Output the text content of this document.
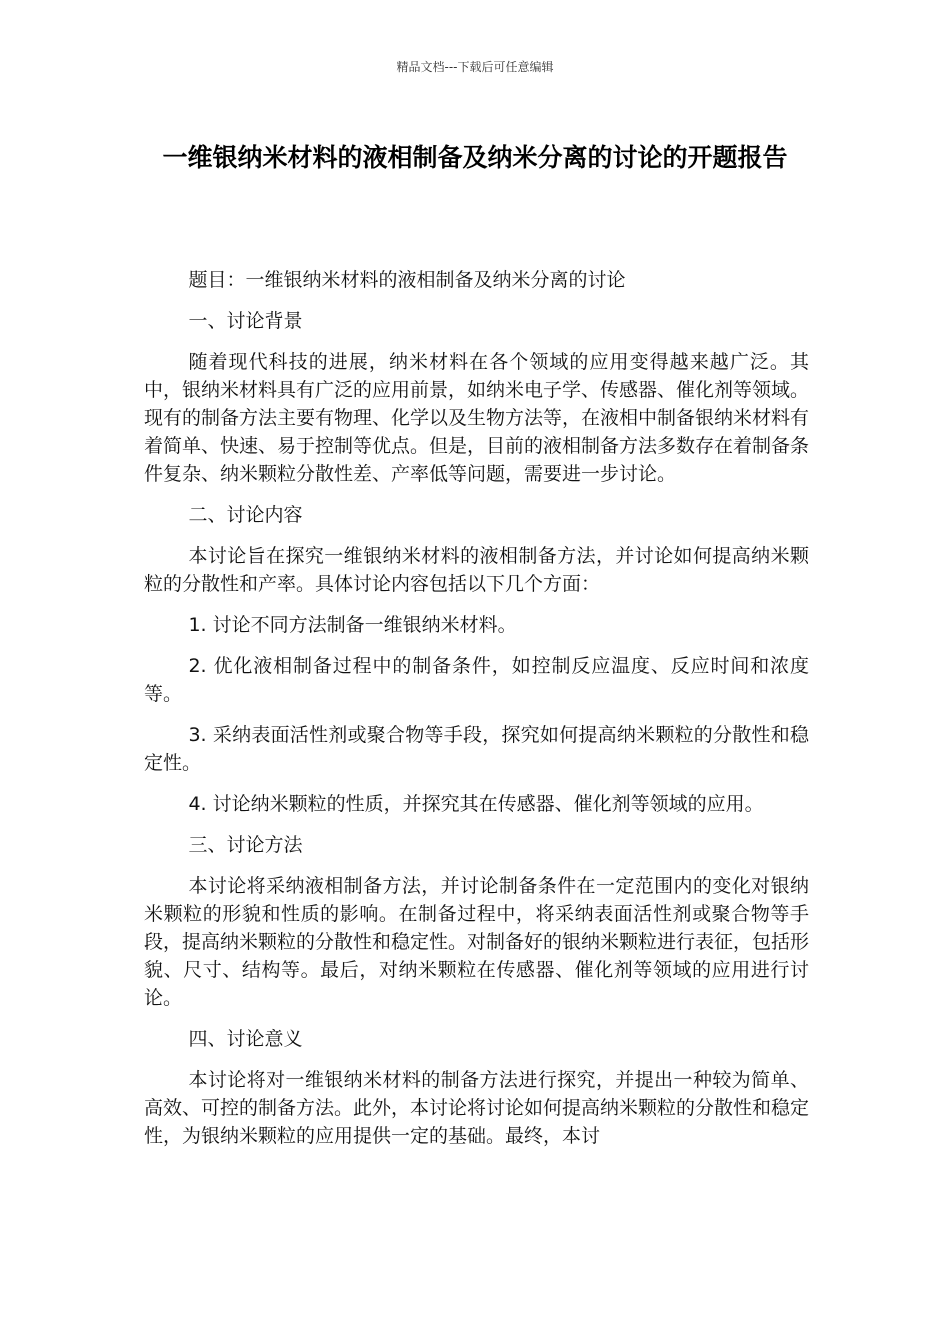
精品文档---下载后可任意编辑
一维银纳米材料的液相制备及纳米分离的讨论的开题报告

题目：一维银纳米材料的液相制备及纳米分离的讨论

一、讨论背景

随着现代科技的进展，纳米材料在各个领域的应用变得越来越广泛。其中，银纳米材料具有广泛的应用前景，如纳米电子学、传感器、催化剂等领域。现有的制备方法主要有物理、化学以及生物方法等，在液相中制备银纳米材料有着简单、快速、易于控制等优点。但是，目前的液相制备方法多数存在着制备条件复杂、纳米颗粒分散性差、产率低等问题，需要进一步讨论。

二、讨论内容

本讨论旨在探究一维银纳米材料的液相制备方法，并讨论如何提高纳米颗粒的分散性和产率。具体讨论内容包括以下几个方面：

1. 讨论不同方法制备一维银纳米材料。

2. 优化液相制备过程中的制备条件，如控制反应温度、反应时间和浓度等。

3. 采纳表面活性剂或聚合物等手段，探究如何提高纳米颗粒的分散性和稳定性。

4. 讨论纳米颗粒的性质，并探究其在传感器、催化剂等领域的应用。

三、讨论方法

本讨论将采纳液相制备方法，并讨论制备条件在一定范围内的变化对银纳米颗粒的形貌和性质的影响。在制备过程中，将采纳表面活性剂或聚合物等手段，提高纳米颗粒的分散性和稳定性。对制备好的银纳米颗粒进行表征，包括形貌、尺寸、结构等。最后，对纳米颗粒在传感器、催化剂等领域的应用进行讨论。

四、讨论意义

本讨论将对一维银纳米材料的制备方法进行探究，并提出一种较为简单、高效、可控的制备方法。此外，本讨论将讨论如何提高纳米颗粒的分散性和稳定性，为银纳米颗粒的应用提供一定的基础。最终，本讨
